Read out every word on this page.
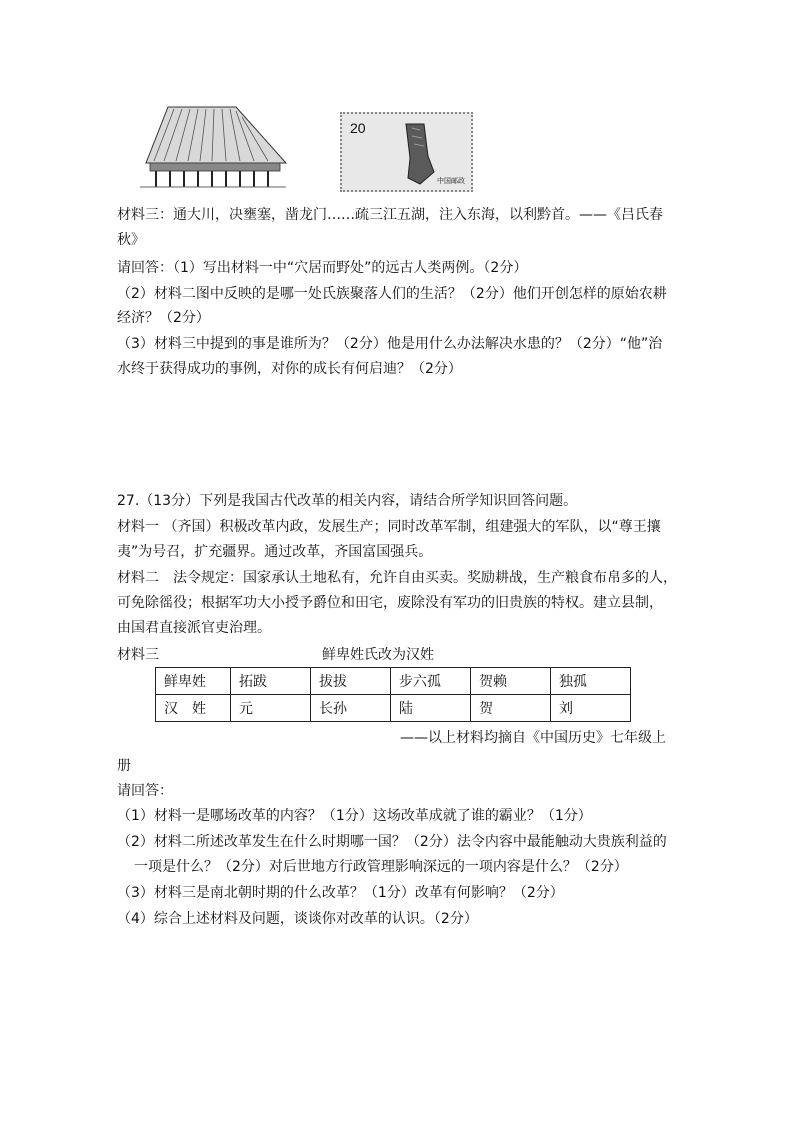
20
中国邮政
材料三：通大川，决壅塞，凿龙门……疏三江五湖，注入东海，以利黔首。——《吕氏春
秋》
请回答：（1）写出材料一中“穴居而野处”的远古人类两例。（2分）
（2）材料二图中反映的是哪一处氏族聚落人们的生活？（2分）他们开创怎样的原始农耕
经济？（2分）
（3）材料三中提到的事是谁所为？（2分）他是用什么办法解决水患的？（2分）“他”治
水终于获得成功的事例，对你的成长有何启迪？（2分）
27.（13分）下列是我国古代改革的相关内容，请结合所学知识回答问题。
材料一 （齐国）积极改革内政，发展生产；同时改革军制，组建强大的军队，以“尊王攘
夷”为号召，扩充疆界。通过改革，齐国富国强兵。
材料二　法令规定：国家承认土地私有，允许自由买卖。奖励耕战，生产粮食布帛多的人，
可免除徭役；根据军功大小授予爵位和田宅，废除没有军功的旧贵族的特权。建立县制，
由国君直接派官吏治理。
材料三	鲜卑姓氏改为汉姓
鲜卑姓	拓跋	拔拔	步六孤	贺赖	独孤
汉　姓	元	长孙	陆	贺	刘
——以上材料均摘自《中国历史》七年级上
册
请回答：
（1）材料一是哪场改革的内容？（1分）这场改革成就了谁的霸业？（1分）
（2）材料二所述改革发生在什么时期哪一国？（2分）法令内容中最能触动大贵族利益的
一项是什么？（2分）对后世地方行政管理影响深远的一项内容是什么？（2分）
（3）材料三是南北朝时期的什么改革？（1分）改革有何影响？（2分）
（4）综合上述材料及问题，谈谈你对改革的认识。（2分）
